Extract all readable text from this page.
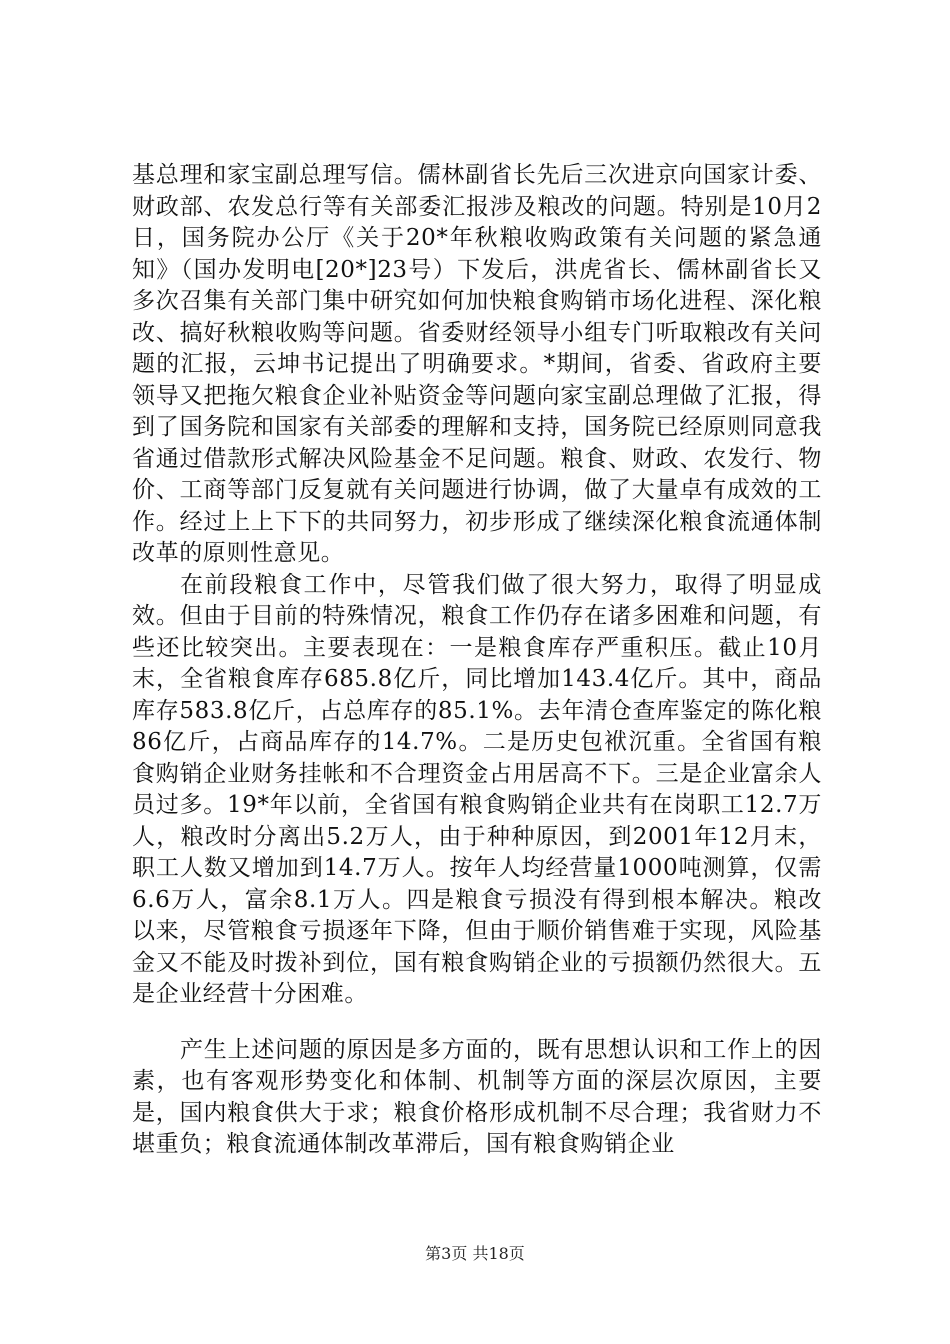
基总理和家宝副总理写信。儒林副省长先后三次进京向国家计委、财政部、农发总行等有关部委汇报涉及粮改的问题。特别是10月2日，国务院办公厅《关于20*年秋粮收购政策有关问题的紧急通知》（国办发明电[20*]23号）下发后，洪虎省长、儒林副省长又多次召集有关部门集中研究如何加快粮食购销市场化进程、深化粮改、搞好秋粮收购等问题。省委财经领导小组专门听取粮改有关问题的汇报，云坤书记提出了明确要求。*期间，省委、省政府主要领导又把拖欠粮食企业补贴资金等问题向家宝副总理做了汇报，得到了国务院和国家有关部委的理解和支持，国务院已经原则同意我省通过借款形式解决风险基金不足问题。粮食、财政、农发行、物价、工商等部门反复就有关问题进行协调，做了大量卓有成效的工作。经过上上下下的共同努力，初步形成了继续深化粮食流通体制改革的原则性意见。

在前段粮食工作中，尽管我们做了很大努力，取得了明显成效。但由于目前的特殊情况，粮食工作仍存在诸多困难和问题，有些还比较突出。主要表现在：一是粮食库存严重积压。截止10月末，全省粮食库存685.8亿斤，同比增加143.4亿斤。其中，商品库存583.8亿斤，占总库存的85.1%。去年清仓查库鉴定的陈化粮86亿斤，占商品库存的14.7%。二是历史包袱沉重。全省国有粮食购销企业财务挂帐和不合理资金占用居高不下。三是企业富余人员过多。19*年以前，全省国有粮食购销企业共有在岗职工12.7万人，粮改时分离出5.2万人，由于种种原因，到2001年12月末，职工人数又增加到14.7万人。按年人均经营量1000吨测算，仅需6.6万人，富余8.1万人。四是粮食亏损没有得到根本解决。粮改以来，尽管粮食亏损逐年下降，但由于顺价销售难于实现，风险基金又不能及时拨补到位，国有粮食购销企业的亏损额仍然很大。五是企业经营十分困难。

产生上述问题的原因是多方面的，既有思想认识和工作上的因素，也有客观形势变化和体制、机制等方面的深层次原因，主要是，国内粮食供大于求；粮食价格形成机制不尽合理；我省财力不堪重负；粮食流通体制改革滞后，国有粮食购销企业

第3页 共18页
